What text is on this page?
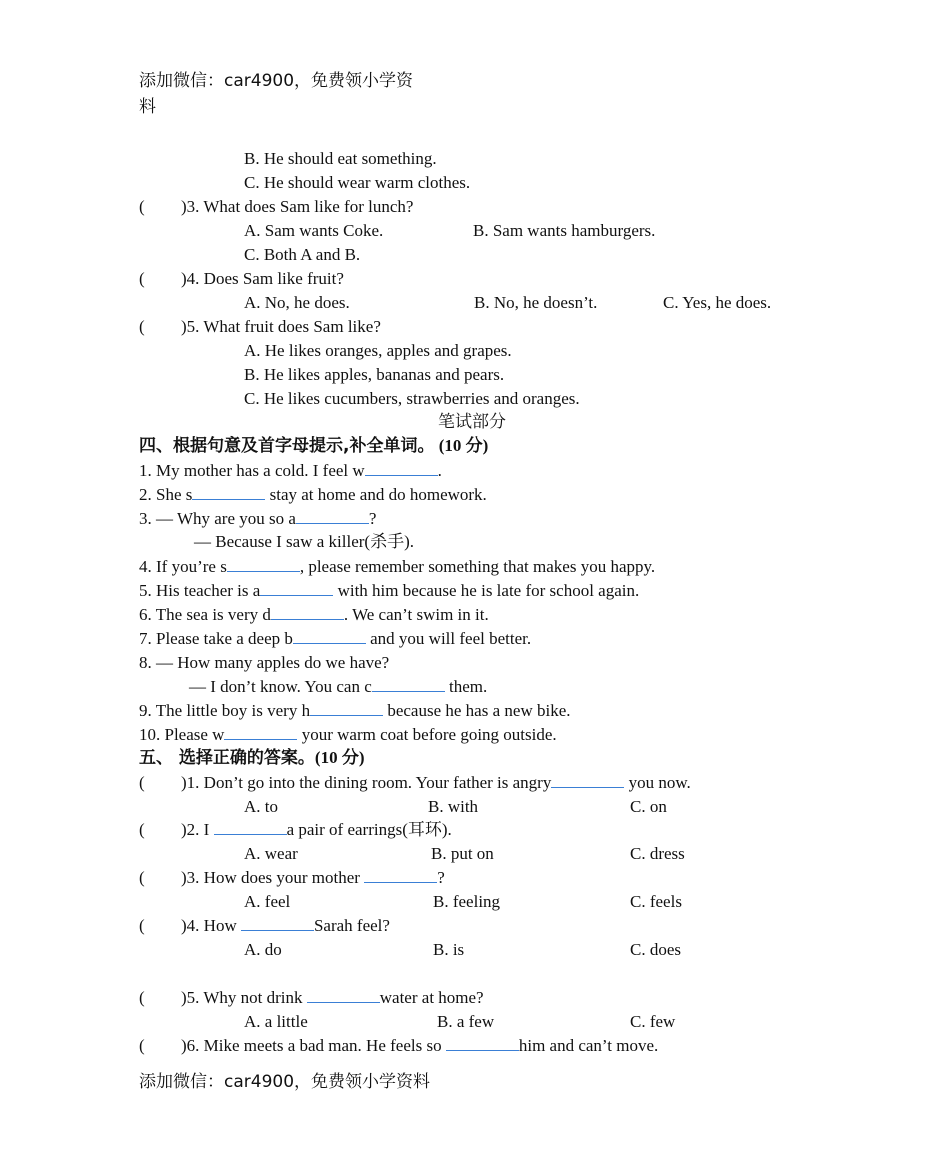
添加微信：car4900，免费领小学资
料
B. He should eat something.
C. He should wear warm clothes.
( )3. What does Sam like for lunch?
A. Sam wants Coke.	B. Sam wants hamburgers.
C. Both A and B.
( )4. Does Sam like fruit?
A. No, he does.	B. No, he doesn’t.	C. Yes, he does.
( )5. What fruit does Sam like?
A. He likes oranges, apples and grapes.
B. He likes apples, bananas and pears.
C. He likes cucumbers, strawberries and oranges.
笔试部分
四、根据句意及首字母提示,补全单词。 (10 分)
1. My mother has a cold. I feel w	.
2. She s	stay at home and do homework.
3. — Why are you so a	?
— Because I saw a killer(杀手).
4. If you’re s	, please remember something that makes you happy.
5. His teacher is a	with him because he is late for school again.
6. The sea is very d	. We can’t swim in it.
7. Please take a deep b	and you will feel better.
8. — How many apples do we have?
— I don’t know. You can c	them.
9. The little boy is very h	because he has a new bike.
10. Please w	your warm coat before going outside.
五、 选择正确的答案。(10 分)
( )1. Don’t go into the dining room. Your father is angry	you now.
A. to	B. with	C. on
( )2. I	a pair of earrings(耳环).
A. wear	B. put on	C. dress
( )3. How does your mother	?
A. feel	B. feeling	C. feels
( )4. How	Sarah feel?
A. do	B. is	C. does
( )5. Why not drink	water at home?
A. a little	B. a few	C. few
( )6. Mike meets a bad man. He feels so	him and can’t move.
添加微信：car4900，免费领小学资料
